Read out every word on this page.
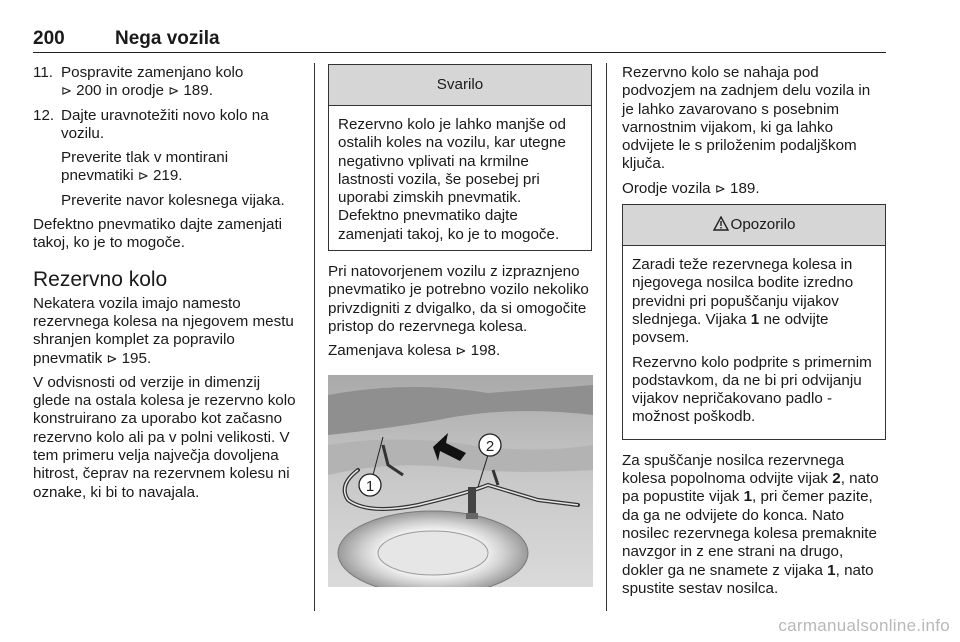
200	Nega vozila
11. Pospravite zamenjano kolo
⊳ 200 in orodje ⊳ 189.
12. Dajte uravnotežiti novo kolo na vozilu.
Preverite tlak v montirani pnevmatiki ⊳ 219.
Preverite navor kolesnega vijaka.

Defektno pnevmatiko dajte zamenjati takoj, ko je to mogoče.

Rezervno kolo

Nekatera vozila imajo namesto rezervnega kolesa na njegovem mestu shranjen komplet za popravilo pnevmatik ⊳ 195.

V odvisnosti od verzije in dimenzij glede na ostala kolesa je rezervno kolo konstruirano za uporabo kot začasno rezervno kolo ali pa v polni velikosti. V tem primeru velja največja dovoljena hitrost, čeprav na rezervnem kolesu ni oznake, ki bi to navajala.

Svarilo
Rezervno kolo je lahko manjše od ostalih koles na vozilu, kar utegne negativno vplivati na krmilne lastnosti vozila, še posebej pri uporabi zimskih pnevmatik. Defektno pnevmatiko dajte zamenjati takoj, ko je to mogoče.

Pri natovorjenem vozilu z izpraznjeno pnevmatiko je potrebno vozilo nekoliko privzdigniti z dvigalko, da si omogočite pristop do rezervnega kolesa.

Zamenjava kolesa ⊳ 198.

1
2

Rezervno kolo se nahaja pod podvozjem na zadnjem delu vozila in je lahko zavarovano s posebnim varnostnim vijakom, ki ga lahko odvijete le s priloženim podaljškom ključa.

Orodje vozila ⊳ 189.

Opozorilo

Zaradi teže rezervnega kolesa in njegovega nosilca bodite izredno previdni pri popuščanju vijakov slednjega. Vijaka 1 ne odvijte povsem.

Rezervno kolo podprite s primernim podstavkom, da ne bi pri odvijanju vijakov nepričakovano padlo - možnost poškodb.

Za spuščanje nosilca rezervnega kolesa popolnoma odvijte vijak 2, nato pa popustite vijak 1, pri čemer pazite, da ga ne odvijete do konca. Nato nosilec rezervnega kolesa premaknite navzgor in z ene strani na drugo, dokler ga ne snamete z vijaka 1, nato spustite sestav nosilca.

carmanualsonline.info
